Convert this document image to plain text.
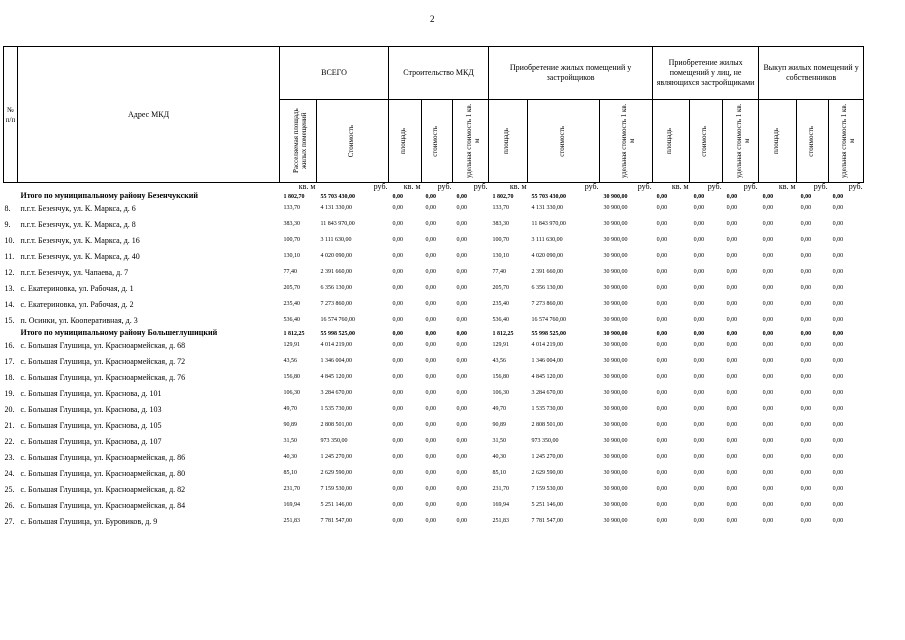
2
№ п/п	Адрес МКД	ВСЕГО		Строительство МКД			Приобретение жилых помещений у застройщиков			Приобретение жилых помещений у лиц, не являющихся застройщиками			Выкуп жилых помещений у собственников		

		Расселяемая площадь жилых помещений	Стоимость	площадь	стоимость	удельная стоимость 1 кв. м	площадь	стоимость	удельная стоимость 1 кв. м	площадь	стоимость	удельная стоимость 1 кв. м	площадь	стоимость	удельная стоимость 1 кв. м

		кв. м	руб.	кв. м	руб.	руб.	кв. м	руб.	руб.	кв. м	руб.	руб.	кв. м	руб.	руб.
	Итого по муниципальному району Безенчукский	1 802,70	55 703 430,00	0,00	0,00	0,00	1 802,70	55 703 430,00	30 900,00	0,00	0,00	0,00	0,00	0,00	0,00
8.	п.г.т. Безенчук, ул. К. Маркса, д. 6	133,70	4 131 330,00	0,00	0,00	0,00	133,70	4 131 330,00	30 900,00	0,00	0,00	0,00	0,00	0,00	0,00
9.	п.г.т. Безенчук, ул. К. Маркса, д. 8	383,30	11 843 970,00	0,00	0,00	0,00	383,30	11 843 970,00	30 900,00	0,00	0,00	0,00	0,00	0,00	0,00
10.	п.г.т. Безенчук, ул. К. Маркса, д. 16	100,70	3 111 630,00	0,00	0,00	0,00	100,70	3 111 630,00	30 900,00	0,00	0,00	0,00	0,00	0,00	0,00
11.	п.г.т. Безенчук, ул. К. Маркса, д. 40	130,10	4 020 090,00	0,00	0,00	0,00	130,10	4 020 090,00	30 900,00	0,00	0,00	0,00	0,00	0,00	0,00
12.	п.г.т. Безенчук, ул. Чапаева, д. 7	77,40	2 391 660,00	0,00	0,00	0,00	77,40	2 391 660,00	30 900,00	0,00	0,00	0,00	0,00	0,00	0,00
13.	с. Екатериновка, ул. Рабочая, д. 1	205,70	6 356 130,00	0,00	0,00	0,00	205,70	6 356 130,00	30 900,00	0,00	0,00	0,00	0,00	0,00	0,00
14.	с. Екатериновка, ул. Рабочая, д. 2	235,40	7 273 860,00	0,00	0,00	0,00	235,40	7 273 860,00	30 900,00	0,00	0,00	0,00	0,00	0,00	0,00
15.	п. Осинки, ул. Кооперативная, д. 3	536,40	16 574 760,00	0,00	0,00	0,00	536,40	16 574 760,00	30 900,00	0,00	0,00	0,00	0,00	0,00	0,00
	Итого по муниципальному району Большеглушицкий	1 812,25	55 998 525,00	0,00	0,00	0,00	1 812,25	55 998 525,00	30 900,00	0,00	0,00	0,00	0,00	0,00	0,00
16.	с. Большая Глушица, ул. Красноармейская, д. 68	129,91	4 014 219,00	0,00	0,00	0,00	129,91	4 014 219,00	30 900,00	0,00	0,00	0,00	0,00	0,00	0,00
17.	с. Большая Глушица, ул. Красноармейская, д. 72	43,56	1 346 004,00	0,00	0,00	0,00	43,56	1 346 004,00	30 900,00	0,00	0,00	0,00	0,00	0,00	0,00
18.	с. Большая Глушица, ул. Красноармейская, д. 76	156,80	4 845 120,00	0,00	0,00	0,00	156,80	4 845 120,00	30 900,00	0,00	0,00	0,00	0,00	0,00	0,00
19.	с. Большая Глушица, ул. Краснова, д. 101	106,30	3 284 670,00	0,00	0,00	0,00	106,30	3 284 670,00	30 900,00	0,00	0,00	0,00	0,00	0,00	0,00
20.	с. Большая Глушица, ул. Краснова, д. 103	49,70	1 535 730,00	0,00	0,00	0,00	49,70	1 535 730,00	30 900,00	0,00	0,00	0,00	0,00	0,00	0,00
21.	с. Большая Глушица, ул. Краснова, д. 105	90,89	2 808 501,00	0,00	0,00	0,00	90,89	2 808 501,00	30 900,00	0,00	0,00	0,00	0,00	0,00	0,00
22.	с. Большая Глушица, ул. Краснова, д. 107	31,50	973 350,00	0,00	0,00	0,00	31,50	973 350,00	30 900,00	0,00	0,00	0,00	0,00	0,00	0,00
23.	с. Большая Глушица, ул. Красноармейская, д. 86	40,30	1 245 270,00	0,00	0,00	0,00	40,30	1 245 270,00	30 900,00	0,00	0,00	0,00	0,00	0,00	0,00
24.	с. Большая Глушица, ул. Красноармейская, д. 80	85,10	2 629 590,00	0,00	0,00	0,00	85,10	2 629 590,00	30 900,00	0,00	0,00	0,00	0,00	0,00	0,00
25.	с. Большая Глушица, ул. Красноармейская, д. 82	231,70	7 159 530,00	0,00	0,00	0,00	231,70	7 159 530,00	30 900,00	0,00	0,00	0,00	0,00	0,00	0,00
26.	с. Большая Глушица, ул. Красноармейская, д. 84	169,94	5 251 146,00	0,00	0,00	0,00	169,94	5 251 146,00	30 900,00	0,00	0,00	0,00	0,00	0,00	0,00
27.	с. Большая Глушица, ул. Буровиков, д. 9	251,83	7 781 547,00	0,00	0,00	0,00	251,83	7 781 547,00	30 900,00	0,00	0,00	0,00	0,00	0,00	0,00
